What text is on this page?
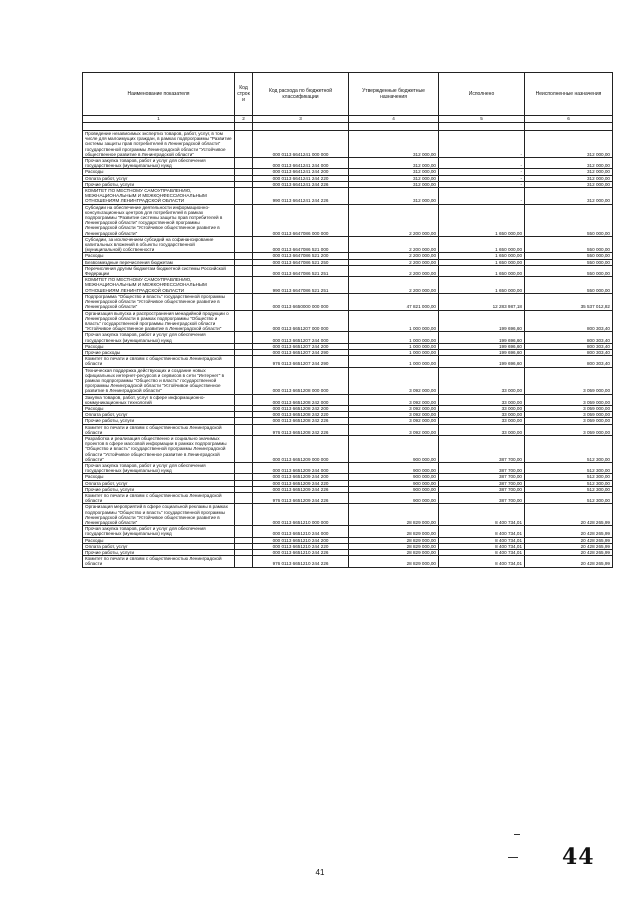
Наименование показателя	Код строк и	Код расхода по бюджетной классификации	Утвержденные бюджетные назначения	Исполнено	Неисполненные назначения
1	2	3	4	5	6

Проведение независимых экспертиз товаров, работ, услуг, в том числе для малоимущих граждан, в рамках подпрограммы "Развитие системы защиты прав потребителей в Ленинградской области" государственной программы Ленинградской области "Устойчивое общественное развитие в Ленинградской области"		000 0113 6641241 000 000	312 000,00	-	312 000,00
Прочая закупка товаров, работ и услуг для обеспечения государственных (муниципальных) нужд		000 0113 6641241 244 000	312 000,00	-	312 000,00
Расходы		000 0113 6641241 244 200	312 000,00	-	312 000,00
Оплата работ, услуг		000 0113 6641241 244 220	312 000,00	-	312 000,00
Прочие работы, услуги		000 0113 6641241 244 226	312 000,00	-	312 000,00
КОМИТЕТ ПО МЕСТНОМУ САМОУПРАВЛЕНИЮ, МЕЖНАЦИОНАЛЬНЫМ И МЕЖКОНФЕССИОНАЛЬНЫМ ОТНОШЕНИЯМ ЛЕНИНГРАДСКОЙ ОБЛАСТИ		990 0113 6641241 244 226	312 000,00	-	312 000,00
Субсидии на обеспечение деятельности информационно-консультационных центров для потребителей в рамках подпрограммы "Развитие системы защиты прав потребителей в Ленинградской области" государственной программы Ленинградской области "Устойчивое общественное развитие в Ленинградской области"		000 0113 6647086 000 000	2 200 000,00	1 650 000,00	550 000,00
Субсидии, за исключением субсидий на софинансирование капитальных вложений в объекты государственной (муниципальной) собственности		000 0113 6647086 521 000	2 200 000,00	1 650 000,00	550 000,00
Расходы		000 0113 6647086 521 200	2 200 000,00	1 650 000,00	550 000,00
Безвозмездные перечисления бюджетам		000 0113 6647086 521 250	2 200 000,00	1 650 000,00	550 000,00
Перечисления другим бюджетам бюджетной системы Российской Федерации		000 0113 6647086 521 251	2 200 000,00	1 650 000,00	550 000,00
КОМИТЕТ ПО МЕСТНОМУ САМОУПРАВЛЕНИЮ, МЕЖНАЦИОНАЛЬНЫМ И МЕЖКОНФЕССИОНАЛЬНЫМ ОТНОШЕНИЯМ ЛЕНИНГРАДСКОЙ ОБЛАСТИ		990 0113 6647086 521 251	2 200 000,00	1 650 000,00	550 000,00
Подпрограмма "Общество и власть" государственной программы Ленинградской области "Устойчивое общественное развитие в Ленинградской области"		000 0113 6650000 000 000	47 821 000,00	12 283 987,18	35 537 012,82
Организация выпуска и распространения менадийной продукции о Ленинградской области в рамках подпрограммы "Общество и власть" государственной программы Ленинградской области "Устойчивое общественное развитие в Ленинградской области"		000 0113 6651207 000 000	1 000 000,00	199 696,60	800 303,40
Прочая закупка товаров, работ и услуг для обеспечения государственных (муниципальных) нужд		000 0113 6651207 244 000	1 000 000,00	199 696,60	800 303,40
Расходы		000 0113 6651207 244 200	1 000 000,00	199 696,60	800 303,40
Прочие расходы		000 0113 6651207 244 290	1 000 000,00	199 696,60	800 303,40
Комитет по печати и связям с общественностью Ленинградской области		976 0113 6651207 244 290	1 000 000,00	199 696,60	800 303,40
Техническая поддержка действующих и создание новых официальных интернет-ресурсов и сервисов в сети "Интернет" в рамках подпрограммы "Общество и власть" государственной программы Ленинградской области "Устойчивое общественное развитие в Ленинградской области"		000 0113 6651208 000 000	3 092 000,00	33 000,00	3 059 000,00
Закупка товаров, работ, услуг в сфере информационно-коммуникационных технологий		000 0113 6651208 242 000	3 092 000,00	33 000,00	3 059 000,00
Расходы		000 0113 6651208 242 200	3 092 000,00	33 000,00	3 059 000,00
Оплата работ, услуг		000 0113 6651208 242 220	3 092 000,00	33 000,00	3 059 000,00
Прочие работы, услуги		000 0113 6651208 242 226	3 092 000,00	33 000,00	3 059 000,00
Комитет по печати и связям с общественностью Ленинградской области		976 0113 6651208 242 226	3 092 000,00	33 000,00	3 059 000,00
Разработка и реализация общественно и социально значимых проектов в сфере массовой информации в рамках подпрограммы "Общество и власть" государственной программы Ленинградской области "Устойчивое общественное развитие в Ленинградской области"		000 0113 6651209 000 000	900 000,00	387 700,00	512 300,00
Прочая закупка товаров, работ и услуг для обеспечения государственных (муниципальных) нужд		000 0113 6651209 244 000	900 000,00	387 700,00	512 300,00
Расходы		000 0113 6651209 244 200	900 000,00	387 700,00	512 300,00
Оплата работ, услуг		000 0113 6651209 244 220	900 000,00	387 700,00	512 300,00
Прочие работы, услуги		000 0113 6651209 244 226	900 000,00	387 700,00	512 300,00
Комитет по печати и связям с общественностью Ленинградской области		976 0113 6651209 244 226	900 000,00	387 700,00	512 300,00
Организация мероприятий в сфере социальной рекламы в рамках подпрограммы "Общество и власть" государственной программы Ленинградской области "Устойчивое общественное развитие в Ленинградской области"		000 0113 6651210 000 000	28 829 000,00	8 400 734,01	20 428 265,99
Прочая закупка товаров, работ и услуг для обеспечения государственных (муниципальных) нужд		000 0113 6651210 244 000	28 829 000,00	8 400 734,01	20 428 265,99
Расходы		000 0113 6651210 244 200	28 829 000,00	8 400 734,01	20 428 265,99
Оплата работ, услуг		000 0113 6651210 244 220	28 829 000,00	8 400 734,01	20 428 265,99
Прочие работы, услуги		000 0113 6651210 244 226	28 829 000,00	8 400 734,01	20 428 265,99
Комитет по печати и связям с общественностью Ленинградской области		976 0113 6651210 244 226	28 829 000,00	8 400 734,01	20 428 265,99
44
41
